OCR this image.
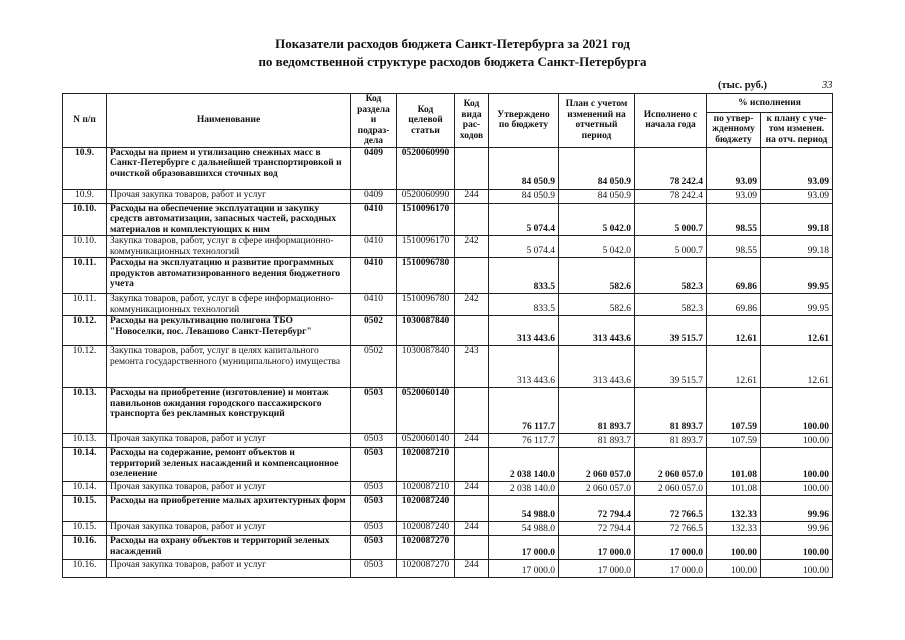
Показатели расходов бюджета Санкт-Петербурга за 2021 год
по ведомственной структуре расходов бюджета Санкт-Петербурга
(тыс. руб.)	33
N п/п	Наименование	Код раздела и подраз-дела	Код целевой статьи	Код вида рас-ходов	Утверждено по бюджету	План с учетом изменений на отчетный период	Исполнено с начала года	% исполнения	
								по утвер-жденному бюджету	к плану с уче-том изменен. на отч. период
10.9.	Расходы на прием и утилизацию снежных масс в Санкт-Петербурге с дальнейшей транспортировкой и очисткой образовавшихся сточных вод	0409	0520060990		84 050.9	84 050.9	78 242.4	93.09	93.09
10.9.	Прочая закупка товаров, работ и услуг	0409	0520060990	244	84 050.9	84 050.9	78 242.4	93.09	93.09
10.10.	Расходы на обеспечение эксплуатации и закупку средств автоматизации, запасных частей, расходных материалов и комплектующих к ним	0410	1510096170		5 074.4	5 042.0	5 000.7	98.55	99.18
10.10.	Закупка товаров, работ, услуг в сфере информационно-коммуникационных технологий	0410	1510096170	242	5 074.4	5 042.0	5 000.7	98.55	99.18
10.11.	Расходы на эксплуатацию и развитие программных продуктов автоматизированного ведения бюджетного учета	0410	1510096780		833.5	582.6	582.3	69.86	99.95
10.11.	Закупка товаров, работ, услуг в сфере информационно-коммуникационных технологий	0410	1510096780	242	833.5	582.6	582.3	69.86	99.95
10.12.	Расходы на рекультивацию полигона ТБО "Новоселки, пос. Левашово Санкт-Петербург"	0502	1030087840		313 443.6	313 443.6	39 515.7	12.61	12.61
10.12.	Закупка товаров, работ, услуг в целях капитального ремонта государственного (муниципального) имущества	0502	1030087840	243	313 443.6	313 443.6	39 515.7	12.61	12.61
10.13.	Расходы на приобретение (изготовление) и монтаж павильонов ожидания городского пассажирского транспорта без рекламных конструкций	0503	0520060140		76 117.7	81 893.7	81 893.7	107.59	100.00
10.13.	Прочая закупка товаров, работ и услуг	0503	0520060140	244	76 117.7	81 893.7	81 893.7	107.59	100.00
10.14.	Расходы на содержание, ремонт объектов и территорий зеленых насаждений и компенсационное озеленение	0503	1020087210		2 038 140.0	2 060 057.0	2 060 057.0	101.08	100.00
10.14.	Прочая закупка товаров, работ и услуг	0503	1020087210	244	2 038 140.0	2 060 057.0	2 060 057.0	101.08	100.00
10.15.	Расходы на приобретение малых архитектурных форм	0503	1020087240		54 988.0	72 794.4	72 766.5	132.33	99.96
10.15.	Прочая закупка товаров, работ и услуг	0503	1020087240	244	54 988.0	72 794.4	72 766.5	132.33	99.96
10.16.	Расходы на охрану объектов и территорий зеленых насаждений	0503	1020087270		17 000.0	17 000.0	17 000.0	100.00	100.00
10.16.	Прочая закупка товаров, работ и услуг	0503	1020087270	244	17 000.0	17 000.0	17 000.0	100.00	100.00
